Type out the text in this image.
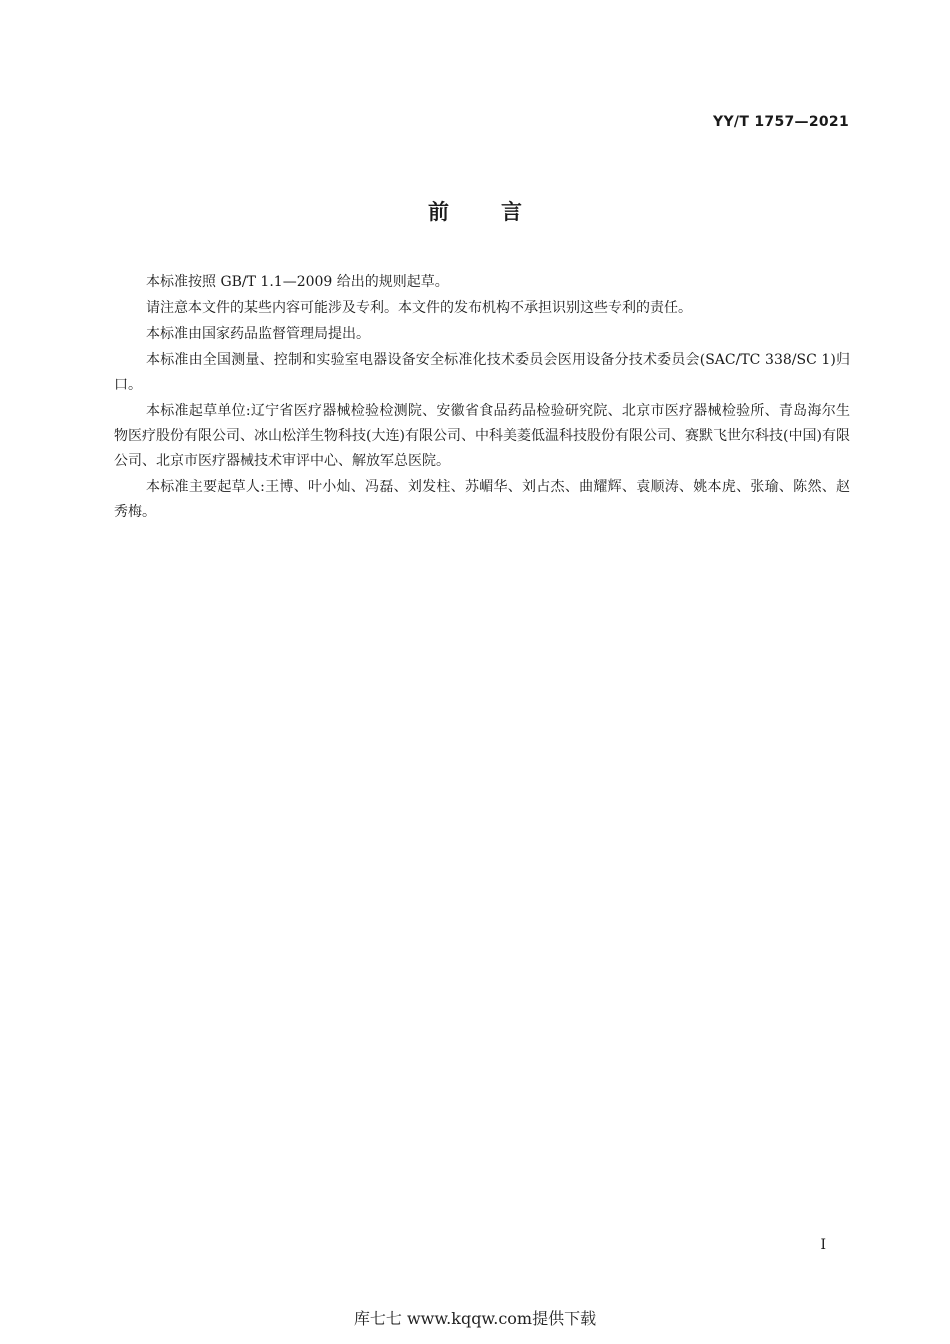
YY/T 1757—2021
前言

本标准按照 GB/T 1.1—2009 给出的规则起草。

请注意本文件的某些内容可能涉及专利。本文件的发布机构不承担识别这些专利的责任。

本标准由国家药品监督管理局提出。

本标准由全国测量、控制和实验室电器设备安全标准化技术委员会医用设备分技术委员会(SAC/TC 338/SC 1)归口。

本标准起草单位:辽宁省医疗器械检验检测院、安徽省食品药品检验研究院、北京市医疗器械检验所、青岛海尔生物医疗股份有限公司、冰山松洋生物科技(大连)有限公司、中科美菱低温科技股份有限公司、赛默飞世尔科技(中国)有限公司、北京市医疗器械技术审评中心、解放军总医院。

本标准主要起草人:王博、叶小灿、冯磊、刘发柱、苏嵋华、刘占杰、曲耀辉、袁顺涛、姚本虎、张瑜、陈然、赵秀梅。

I
库七七 www.kqqw.com提供下载
